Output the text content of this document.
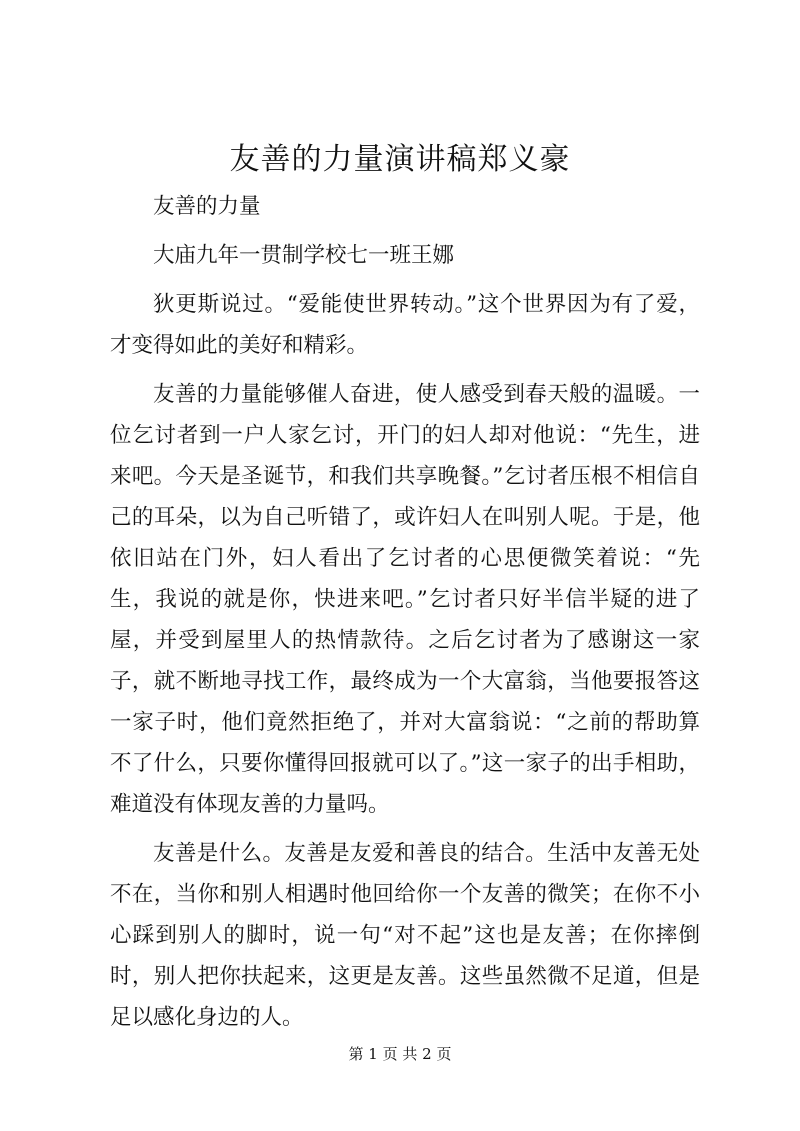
友善的力量演讲稿郑义豪

友善的力量

大庙九年一贯制学校七一班王娜

狄更斯说过。“爱能使世界转动。”这个世界因为有了爱，才变得如此的美好和精彩。

友善的力量能够催人奋进，使人感受到春天般的温暖。一位乞讨者到一户人家乞讨，开门的妇人却对他说：“先生，进来吧。今天是圣诞节，和我们共享晚餐。”乞讨者压根不相信自己的耳朵，以为自己听错了，或许妇人在叫别人呢。于是，他依旧站在门外，妇人看出了乞讨者的心思便微笑着说：“先生，我说的就是你，快进来吧。”乞讨者只好半信半疑的进了屋，并受到屋里人的热情款待。之后乞讨者为了感谢这一家子，就不断地寻找工作，最终成为一个大富翁，当他要报答这一家子时，他们竟然拒绝了，并对大富翁说：“之前的帮助算不了什么，只要你懂得回报就可以了。”这一家子的出手相助，难道没有体现友善的力量吗。

友善是什么。友善是友爱和善良的结合。生活中友善无处不在，当你和别人相遇时他回给你一个友善的微笑；在你不小心踩到别人的脚时，说一句“对不起”这也是友善；在你摔倒时，别人把你扶起来，这更是友善。这些虽然微不足道，但是足以感化身边的人。

第 1 页 共 2 页
